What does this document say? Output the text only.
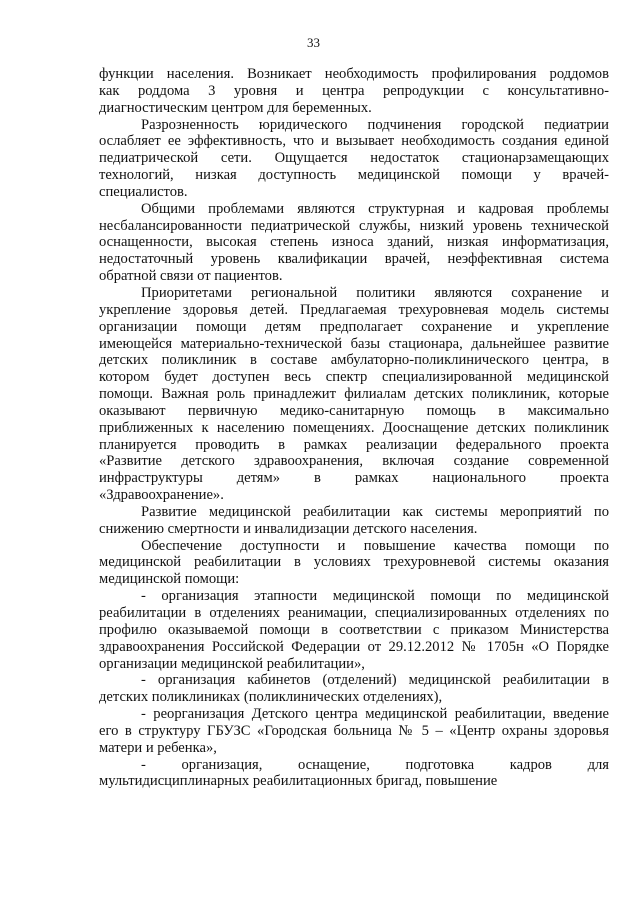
33
функции населения. Возникает необходимость профилирования роддомов
как роддома 3 уровня и центра репродукции с консультативно-
диагностическим центром для беременных.
Разрозненность юридического подчинения городской педиатрии
ослабляет ее эффективность, что и вызывает необходимость создания единой
педиатрической сети. Ощущается недостаток стационарзамещающих
технологий, низкая доступность медицинской помощи у врачей-
специалистов.
Общими проблемами являются структурная и кадровая проблемы
несбалансированности педиатрической службы, низкий уровень технической
оснащенности, высокая степень износа зданий, низкая информатизация,
недостаточный уровень квалификации врачей, неэффективная система
обратной связи от пациентов.
Приоритетами региональной политики являются сохранение и
укрепление здоровья детей. Предлагаемая трехуровневая модель системы
организации помощи детям предполагает сохранение и укрепление
имеющейся материально-технической базы стационара, дальнейшее развитие
детских поликлиник в составе амбулаторно-поликлинического центра, в
котором будет доступен весь спектр специализированной медицинской
помощи. Важная роль принадлежит филиалам детских поликлиник, которые
оказывают первичную медико-санитарную помощь в максимально
приближенных к населению помещениях. Дооснащение детских поликлиник
планируется проводить в рамках реализации федерального проекта
«Развитие детского здравоохранения, включая создание современной
инфраструктуры детям» в рамках национального проекта
«Здравоохранение».
Развитие медицинской реабилитации как системы мероприятий по
снижению смертности и инвалидизации детского населения.
Обеспечение доступности и повышение качества помощи по
медицинской реабилитации в условиях трехуровневой системы оказания
медицинской помощи:
- организация этапности медицинской помощи по медицинской
реабилитации в отделениях реанимации, специализированных отделениях по
профилю оказываемой помощи в соответствии с приказом Министерства
здравоохранения Российской Федерации от 29.12.2012 № 1705н «О Порядке
организации медицинской реабилитации»,
- организация кабинетов (отделений) медицинской реабилитации в
детских поликлиниках (поликлинических отделениях),
- реорганизация Детского центра медицинской реабилитации, введение
его в структуру ГБУЗС «Городская больница № 5 – «Центр охраны здоровья
матери и ребенка»,
- организация, оснащение, подготовка кадров для
мультидисциплинарных реабилитационных бригад, повышение
